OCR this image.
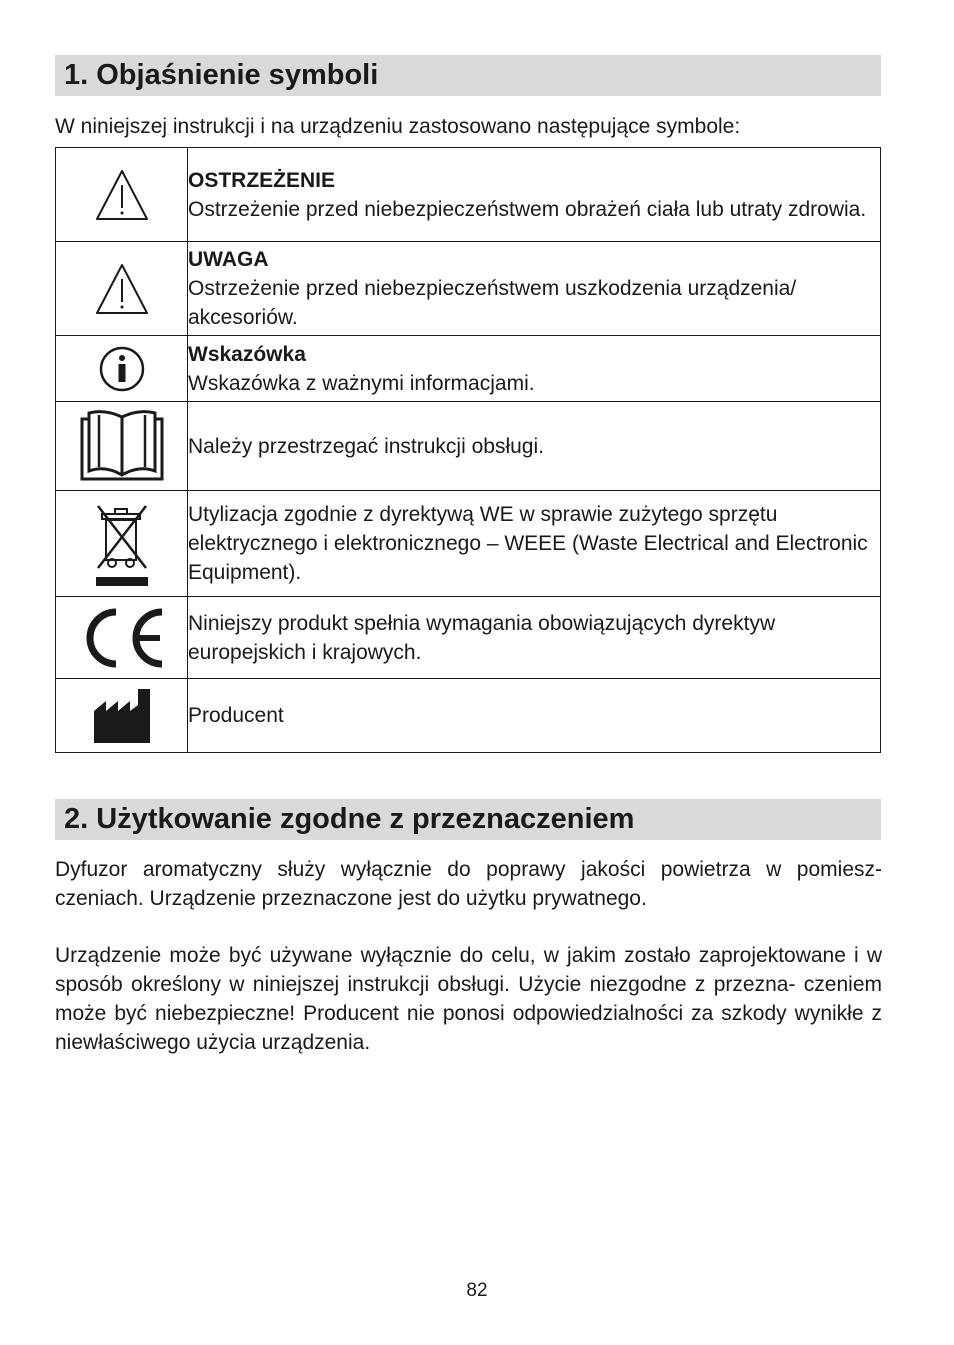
1. Objaśnienie symboli

W niniejszej instrukcji i na urządzeniu zastosowano następujące symbole:

OSTRZEŻENIE
Ostrzeżenie przed niebezpieczeństwem obrażeń ciała lub utraty zdrowia.

UWAGA
Ostrzeżenie przed niebezpieczeństwem uszkodzenia urządzenia/ akcesoriów.

Wskazówka
Wskazówka z ważnymi informacjami.

Należy przestrzegać instrukcji obsługi.

Utylizacja zgodnie z dyrektywą WE w sprawie zużytego sprzętu elektrycznego i elektronicznego – WEEE (Waste Electrical and Electronic Equipment).

Niniejszy produkt spełnia wymagania obowiązujących dyrektyw europejskich i krajowych.

Producent
2. Użytkowanie zgodne z przeznaczeniem

Dyfuzor aromatyczny służy wyłącznie do poprawy jakości powietrza w pomiesz- czeniach. Urządzenie przeznaczone jest do użytku prywatnego.

Urządzenie może być używane wyłącznie do celu, w jakim zostało zaprojektowane i w sposób określony w niniejszej instrukcji obsługi. Użycie niezgodne z przezna- czeniem może być niebezpieczne! Producent nie ponosi odpowiedzialności za szkody wynikłe z niewłaściwego użycia urządzenia.

82
